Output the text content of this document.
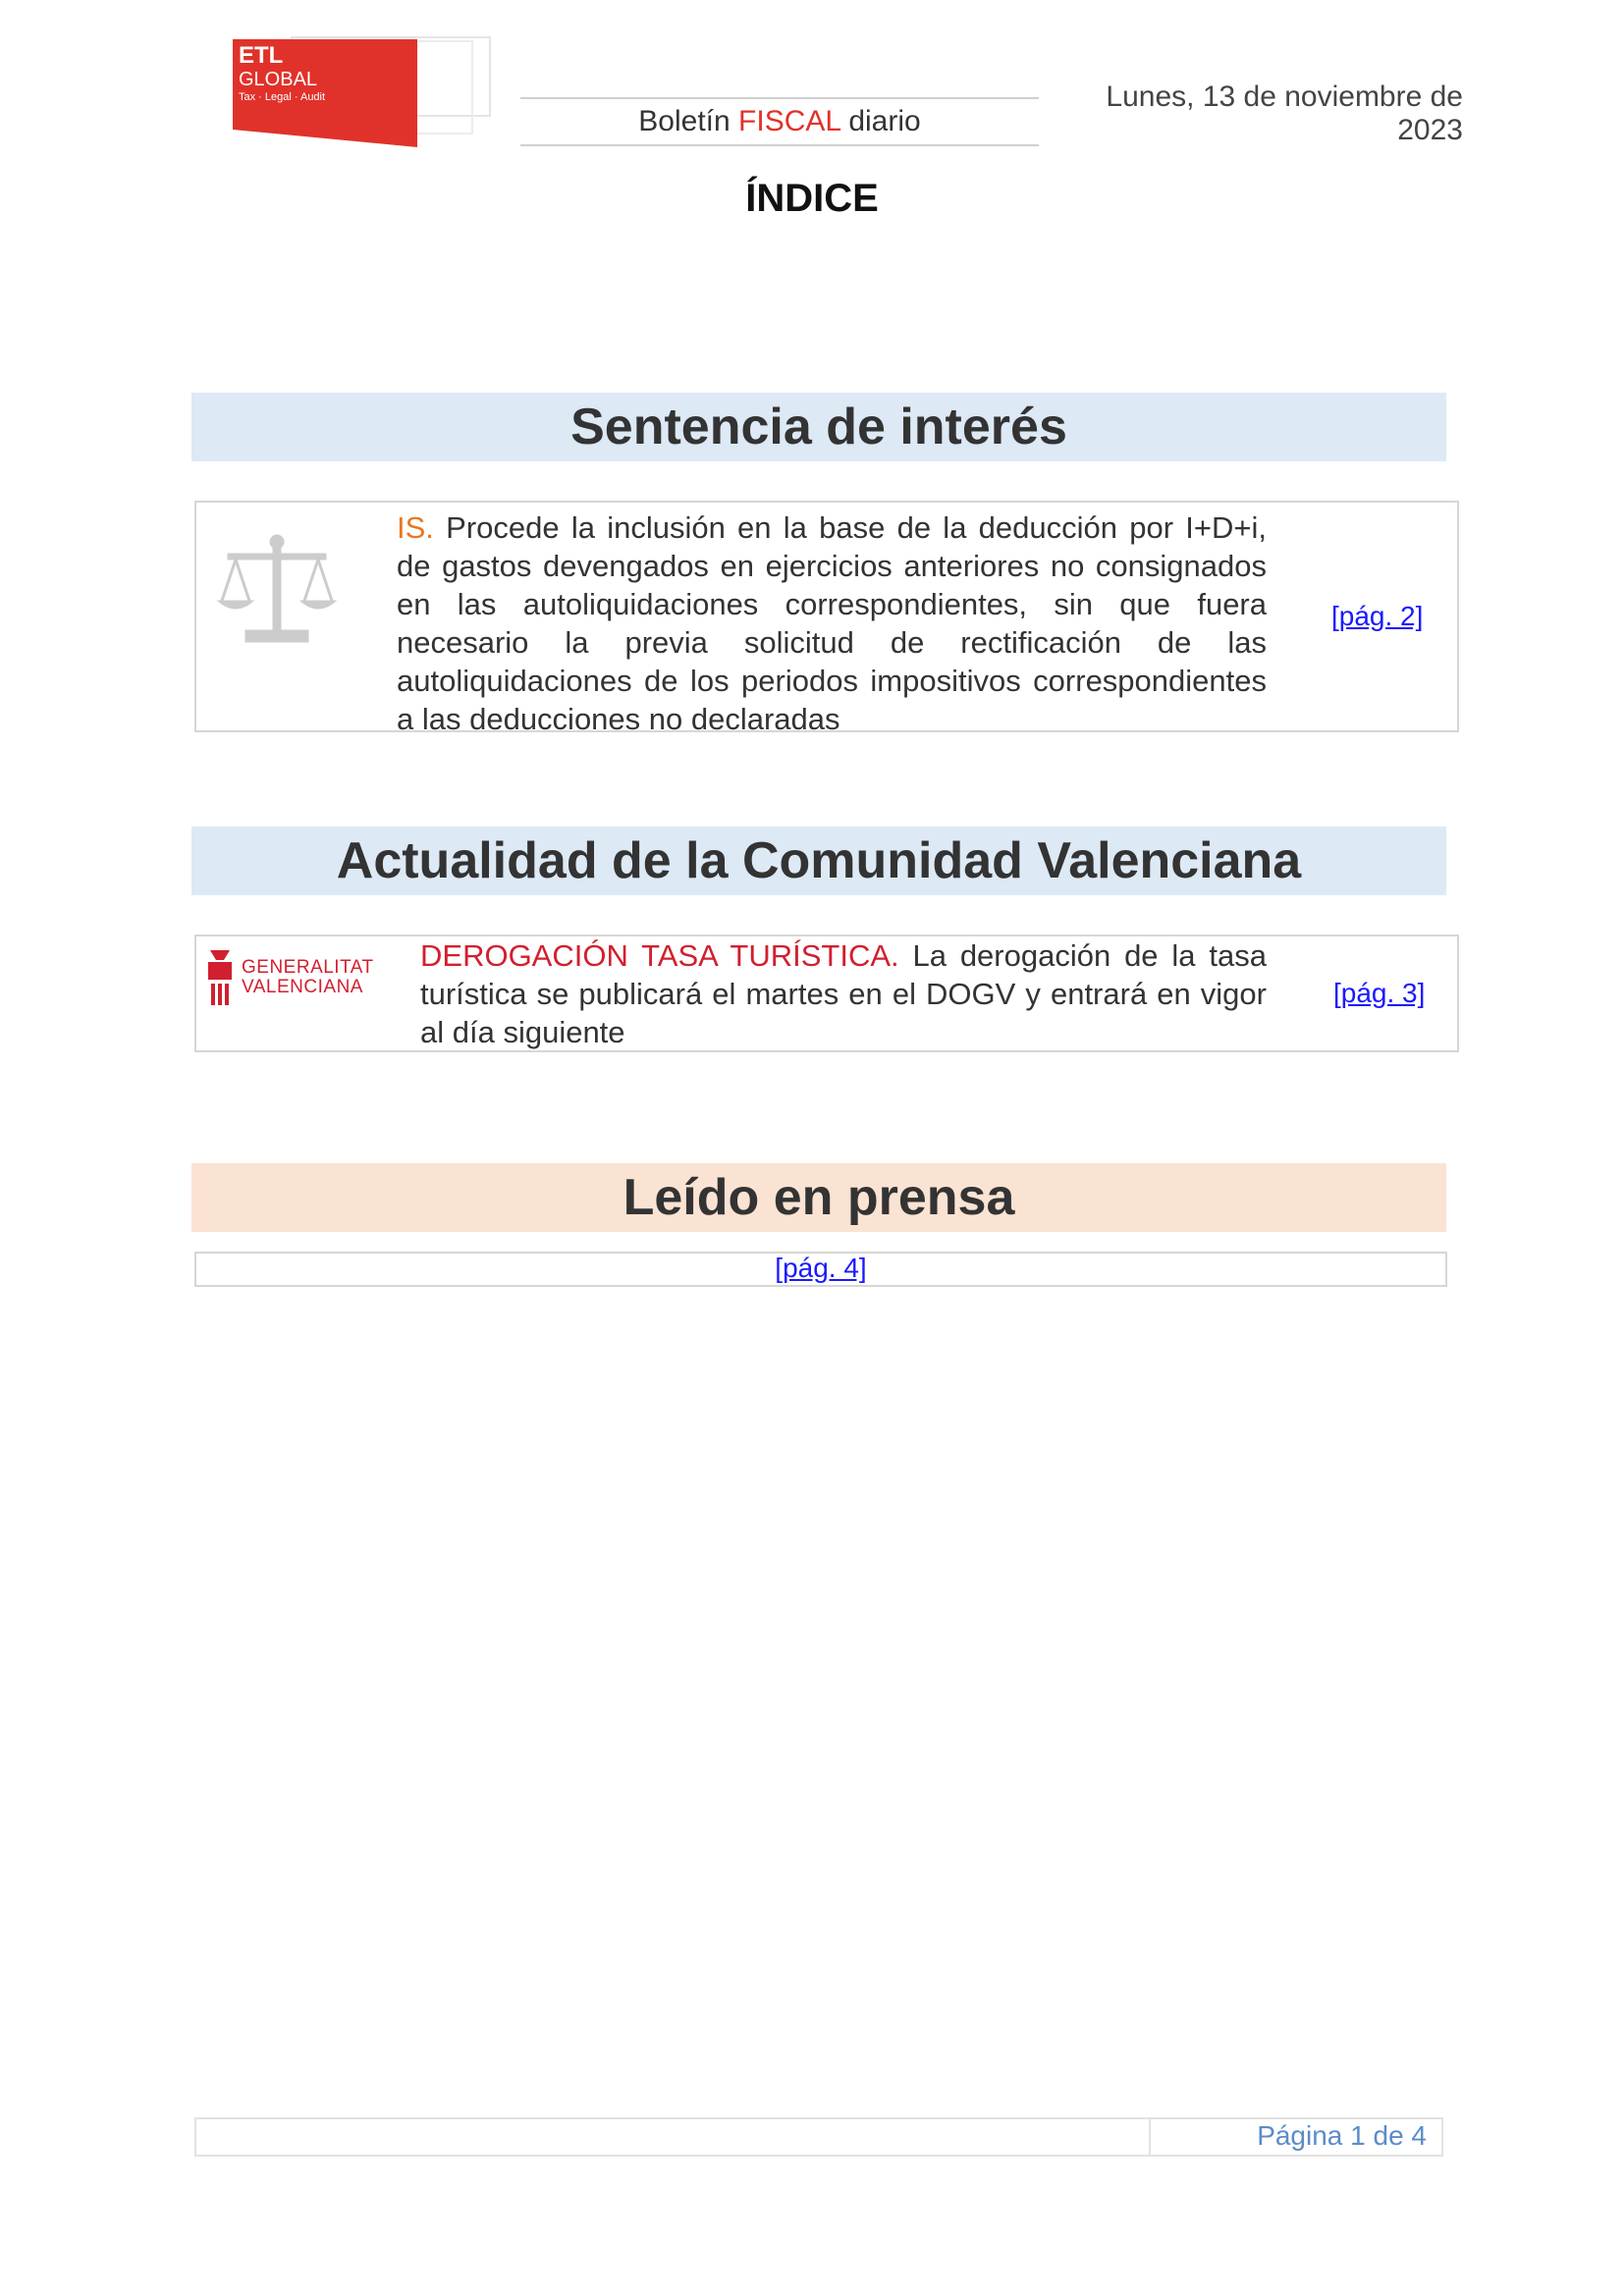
ETL
GLOBAL
Tax · Legal · Audit
Boletín FISCAL diario
Lunes, 13 de noviembre de 2023
ÍNDICE
Sentencia de interés
IS. Procede la inclusión en la base de la deducción por I+D+i, de gastos devengados en ejercicios anteriores no consignados en las autoliquidaciones correspondientes, sin que fuera necesario la previa solicitud de rectificación de las autoliquidaciones de los periodos impositivos correspondientes a las deducciones no declaradas
[pág. 2]
Actualidad de la Comunidad Valenciana
GENERALITAT
VALENCIANA
DEROGACIÓN TASA TURÍSTICA. La derogación de la tasa turística se publicará el martes en el DOGV y entrará en vigor al día siguiente
[pág. 3]
Leído en prensa
[pág. 4]
Página 1 de 4
